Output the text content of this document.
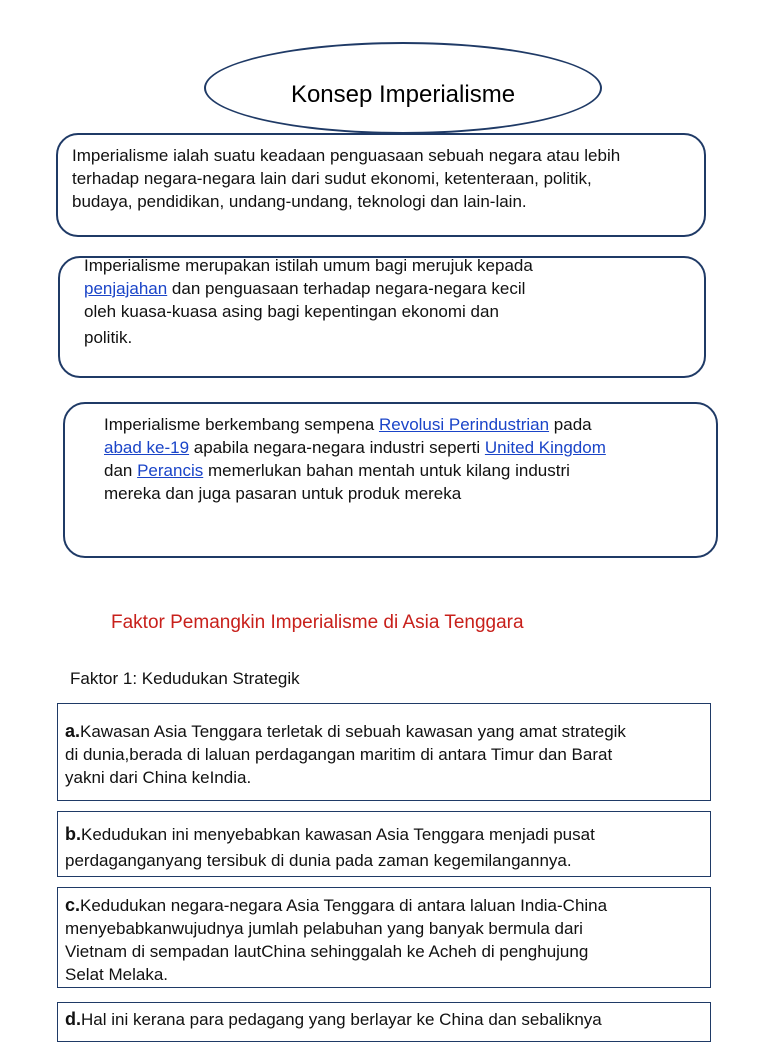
Konsep Imperialisme
Imperialisme ialah suatu keadaan penguasaan sebuah negara atau lebih
terhadap negara-negara lain dari sudut ekonomi, ketenteraan, politik,
budaya, pendidikan, undang-undang, teknologi dan lain-lain.
Imperialisme merupakan istilah umum bagi merujuk kepada
penjajahan dan penguasaan terhadap negara-negara kecil
oleh kuasa-kuasa asing bagi kepentingan ekonomi dan
politik.
Imperialisme berkembang sempena Revolusi Perindustrian pada
abad ke-19 apabila negara-negara industri seperti United Kingdom
dan Perancis memerlukan bahan mentah untuk kilang industri
mereka dan juga pasaran untuk produk mereka
Faktor Pemangkin Imperialisme di Asia Tenggara
Faktor 1: Kedudukan Strategik
a.Kawasan Asia Tenggara terletak di sebuah kawasan yang amat strategik
di dunia,berada di laluan perdagangan maritim di antara Timur dan Barat
yakni dari China keIndia.
b.Kedudukan ini menyebabkan kawasan Asia Tenggara menjadi pusat
perdaganganyang tersibuk di dunia pada zaman kegemilangannya.
c.Kedudukan negara-negara Asia Tenggara di antara laluan India-China
menyebabkanwujudnya jumlah pelabuhan yang banyak bermula dari
Vietnam di sempadan lautChina sehinggalah ke Acheh di penghujung
Selat Melaka.
d.Hal ini kerana para pedagang yang berlayar ke China dan sebaliknya
